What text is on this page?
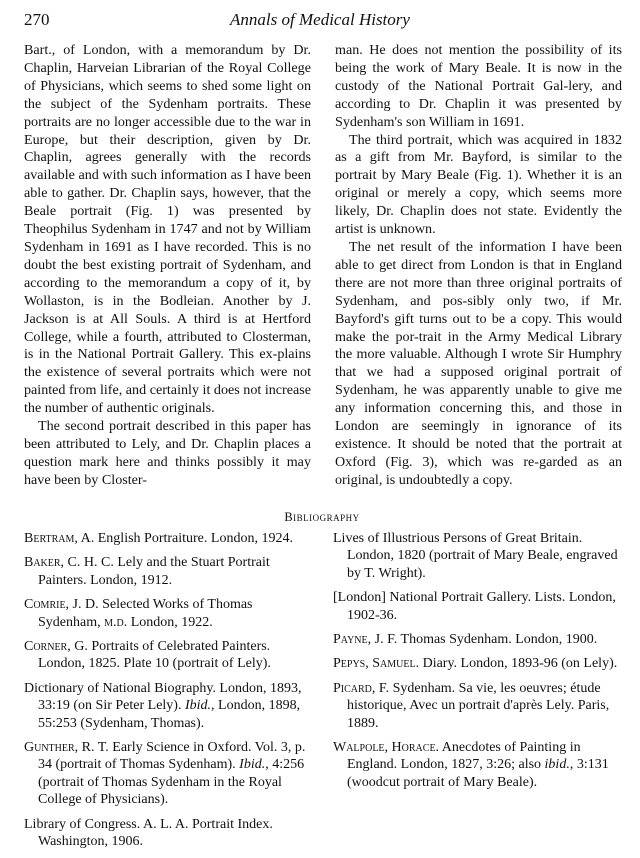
270	Annals of Medical History

Bart., of London, with a memorandum by Dr. Chaplin, Harveian Librarian of the Royal College of Physicians, which seems to shed some light on the subject of the Sydenham portraits. These portraits are no longer accessible due to the war in Europe, but their description, given by Dr. Chaplin, agrees generally with the records available and with such information as I have been able to gather. Dr. Chaplin says, however, that the Beale portrait (Fig. 1) was presented by Theophilus Sydenham in 1747 and not by William Sydenham in 1691 as I have recorded. This is no doubt the best existing portrait of Sydenham, and according to the memorandum a copy of it, by Wollaston, is in the Bodleian. Another by J. Jackson is at All Souls. A third is at Hertford College, while a fourth, attributed to Closterman, is in the National Portrait Gallery. This ex-plains the existence of several portraits which were not painted from life, and certainly it does not increase the number of authentic originals.

The second portrait described in this paper has been attributed to Lely, and Dr. Chaplin places a question mark here and thinks possibly it may have been by Closter-

man. He does not mention the possibility of its being the work of Mary Beale. It is now in the custody of the National Portrait Gal-lery, and according to Dr. Chaplin it was presented by Sydenham's son William in 1691.

The third portrait, which was acquired in 1832 as a gift from Mr. Bayford, is similar to the portrait by Mary Beale (Fig. 1). Whether it is an original or merely a copy, which seems more likely, Dr. Chaplin does not state. Evidently the artist is unknown.

The net result of the information I have been able to get direct from London is that in England there are not more than three original portraits of Sydenham, and pos-sibly only two, if Mr. Bayford's gift turns out to be a copy. This would make the por-trait in the Army Medical Library the more valuable. Although I wrote Sir Humphry that we had a supposed original portrait of Sydenham, he was apparently unable to give me any information concerning this, and those in London are seemingly in ignorance of its existence. It should be noted that the portrait at Oxford (Fig. 3), which was re-garded as an original, is undoubtedly a copy.

Bibliography
Bertram, A. English Portraiture. London, 1924.
Baker, C. H. C. Lely and the Stuart Portrait Painters. London, 1912.
Comrie, J. D. Selected Works of Thomas Sydenham, m.d. London, 1922.
Corner, G. Portraits of Celebrated Painters. London, 1825. Plate 10 (portrait of Lely).
Dictionary of National Biography. London, 1893, 33:19 (on Sir Peter Lely). Ibid., London, 1898, 55:253 (Sydenham, Thomas).
Gunther, R. T. Early Science in Oxford. Vol. 3, p. 34 (portrait of Thomas Sydenham). Ibid., 4:256 (portrait of Thomas Sydenham in the Royal College of Physicians).
Library of Congress. A. L. A. Portrait Index. Washington, 1906.
Lives of Illustrious Persons of Great Britain. London, 1820 (portrait of Mary Beale, engraved by T. Wright).
[London] National Portrait Gallery. Lists. London, 1902-36.
Payne, J. F. Thomas Sydenham. London, 1900.
Pepys, Samuel. Diary. London, 1893-96 (on Lely).
Picard, F. Sydenham. Sa vie, les oeuvres; étude historique, Avec un portrait d'après Lely. Paris, 1889.
Walpole, Horace. Anecdotes of Painting in England. London, 1827, 3:26; also ibid., 3:131 (woodcut portrait of Mary Beale).
